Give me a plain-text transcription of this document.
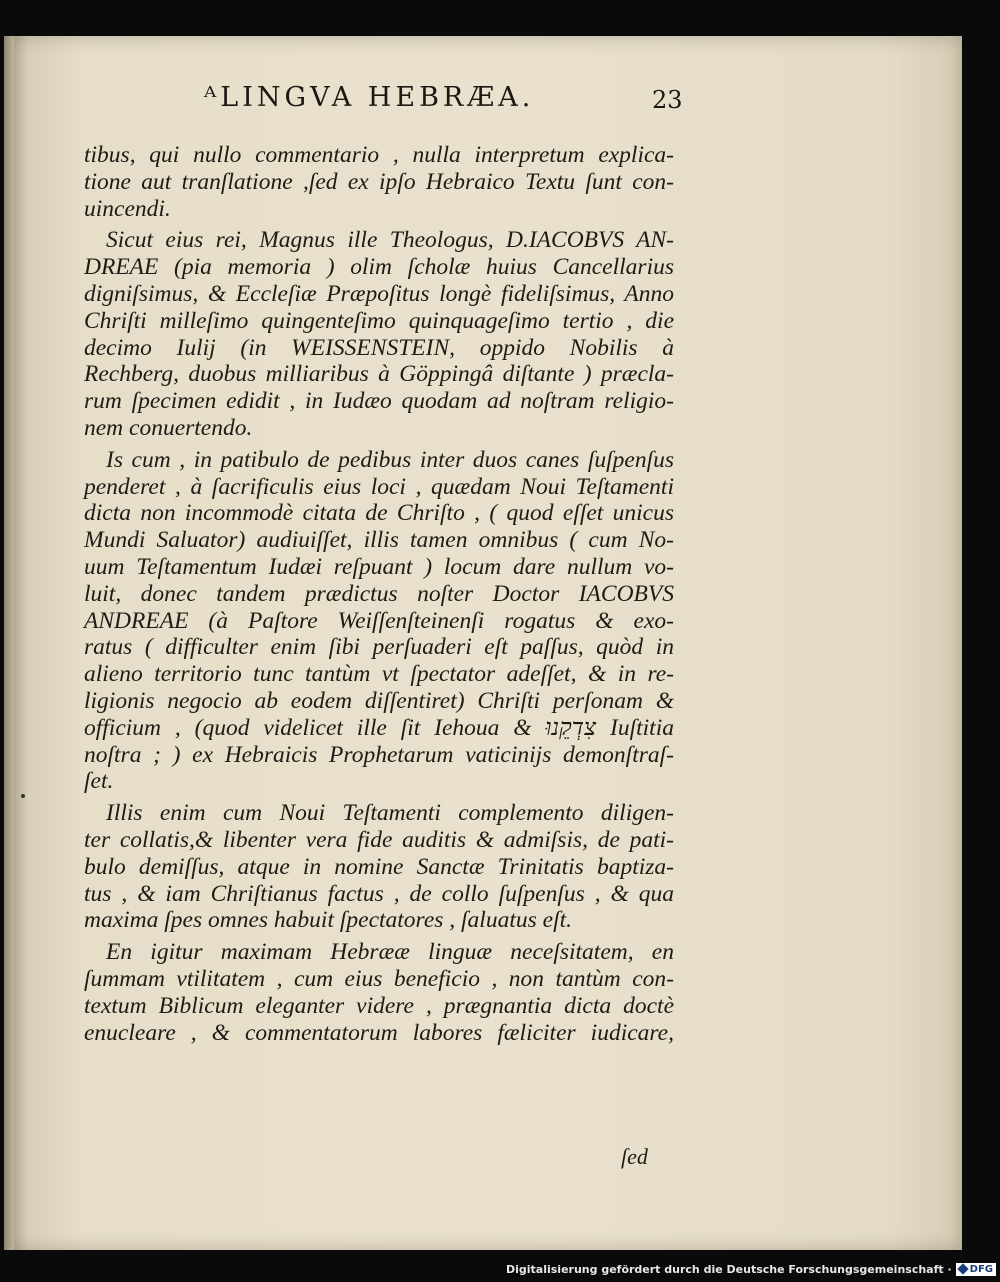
ᴬLINGVA HEBRÆA.	23
tibus, qui nullo commentario , nulla interpretum explica-
tione aut tranſlatione ,ſed ex ipſo Hebraico Textu ſunt con-
uincendi.
Sicut eius rei, Magnus ille Theologus, D.IACOBVS AN-
DREAE (pia memoria ) olim ſcholæ huius Cancellarius
digniſsimus, & Eccleſiæ Præpoſitus longè fideliſsimus, Anno
Chriſti milleſimo quingenteſimo quinquageſimo tertio , die
decimo Iulij (in WEISSENSTEIN, oppido Nobilis à
Rechberg, duobus milliaribus à Göppingâ diſtante ) præcla-
rum ſpecimen edidit , in Iudæo quodam ad noſtram religio-
nem conuertendo.
Is cum , in patibulo de pedibus inter duos canes ſuſpenſus
penderet , à ſacrificulis eius loci , quædam Noui Teſtamenti
dicta non incommodè citata de Chriſto , ( quod eſſet unicus
Mundi Saluator) audiuiſſet, illis tamen omnibus ( cum No-
uum Teſtamentum Iudæi reſpuant ) locum dare nullum vo-
luit, donec tandem prædictus noſter Doctor IACOBVS
ANDREAE (à Paſtore Weiſſenſteinenſi rogatus & exo-
ratus ( difficulter enim ſibi perſuaderi eſt paſſus, quòd in
alieno territorio tunc tantùm vt ſpectator adeſſet, & in re-
ligionis negocio ab eodem diſſentiret) Chriſti perſonam &
officium , (quod videlicet ille ſit Iehoua & צִדְקֵנוּ Iuſtitia
noſtra ; ) ex Hebraicis Prophetarum vaticinijs demonſtraſ-
ſet.
Illis enim cum Noui Teſtamenti complemento diligen-
ter collatis,& libenter vera fide auditis & admiſsis, de pati-
bulo demiſſus, atque in nomine Sanctæ Trinitatis baptiza-
tus , & iam Chriſtianus factus , de collo ſuſpenſus , & qua
maxima ſpes omnes habuit ſpectatores , ſaluatus eſt.
En igitur maximam Hebrææ linguæ neceſsitatem, en
ſummam vtilitatem , cum eius beneficio , non tantùm con-
textum Biblicum eleganter videre , prægnantia dicta doctè
enucleare , & commentatorum labores fæliciter iudicare,
ſed
Digitalisierung gefördert durch die Deutsche Forschungsgemeinschaft · DFG
